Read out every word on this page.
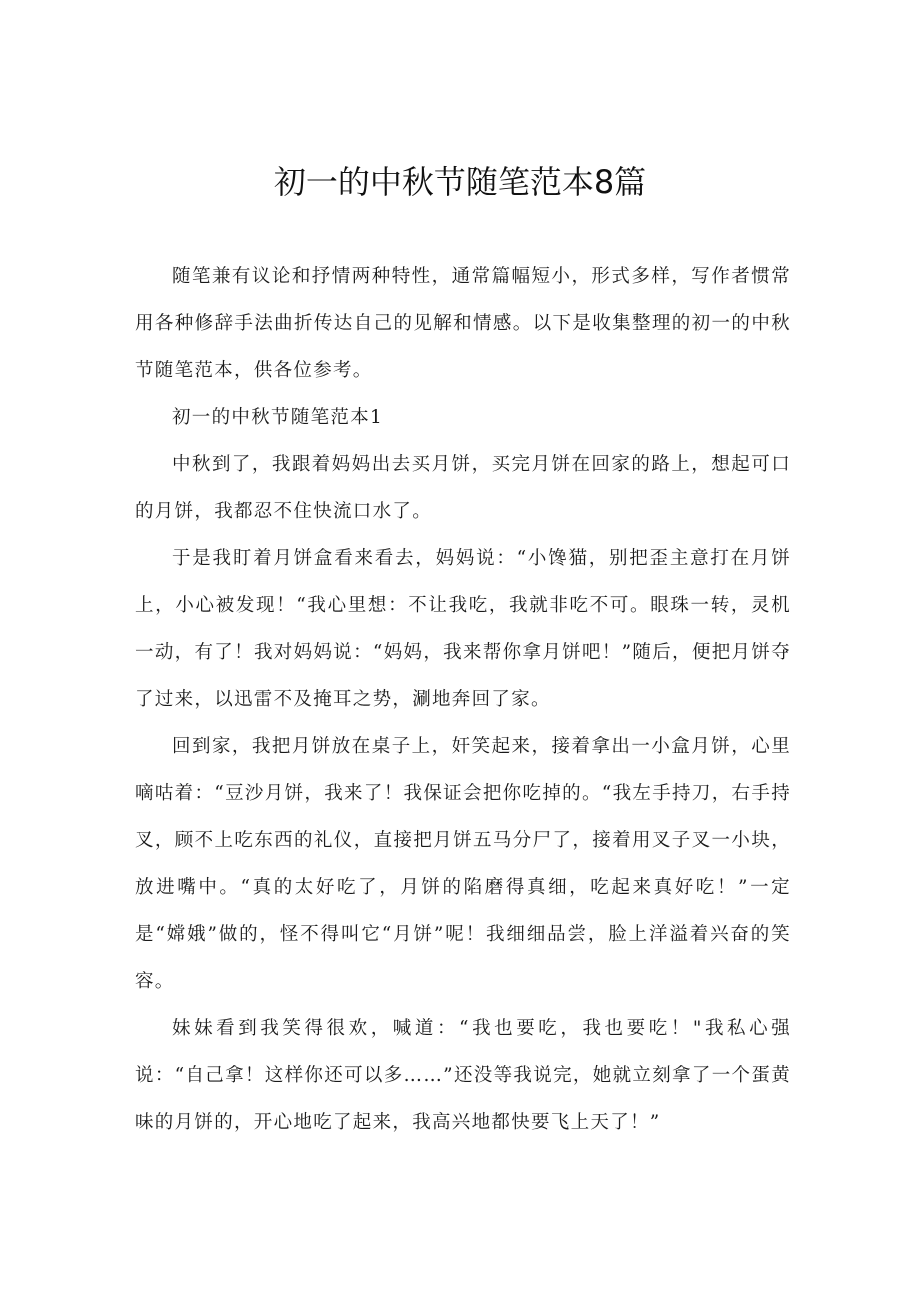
初一的中秋节随笔范本8篇

随笔兼有议论和抒情两种特性，通常篇幅短小，形式多样，写作者惯常用各种修辞手法曲折传达自己的见解和情感。以下是收集整理的初一的中秋节随笔范本，供各位参考。

初一的中秋节随笔范本1

中秋到了，我跟着妈妈出去买月饼，买完月饼在回家的路上，想起可口的月饼，我都忍不住快流口水了。

于是我盯着月饼盒看来看去，妈妈说：“小馋猫，别把歪主意打在月饼上，小心被发现！“我心里想：不让我吃，我就非吃不可。眼珠一转，灵机一动，有了！我对妈妈说：“妈妈，我来帮你拿月饼吧！”随后，便把月饼夺了过来，以迅雷不及掩耳之势，涮地奔回了家。

回到家，我把月饼放在桌子上，奸笑起来，接着拿出一小盒月饼，心里嘀咕着：“豆沙月饼，我来了！我保证会把你吃掉的。“我左手持刀，右手持叉，顾不上吃东西的礼仪，直接把月饼五马分尸了，接着用叉子叉一小块，放进嘴中。“真的太好吃了，月饼的陷磨得真细，吃起来真好吃！”一定是“嫦娥”做的，怪不得叫它“月饼”呢！我细细品尝，脸上洋溢着兴奋的笑容。

妹妹看到我笑得很欢，喊道：“我也要吃，我也要吃！"我私心强说：“自己拿！这样你还可以多……”还没等我说完，她就立刻拿了一个蛋黄味的月饼的，开心地吃了起来，我高兴地都快要飞上天了！”
